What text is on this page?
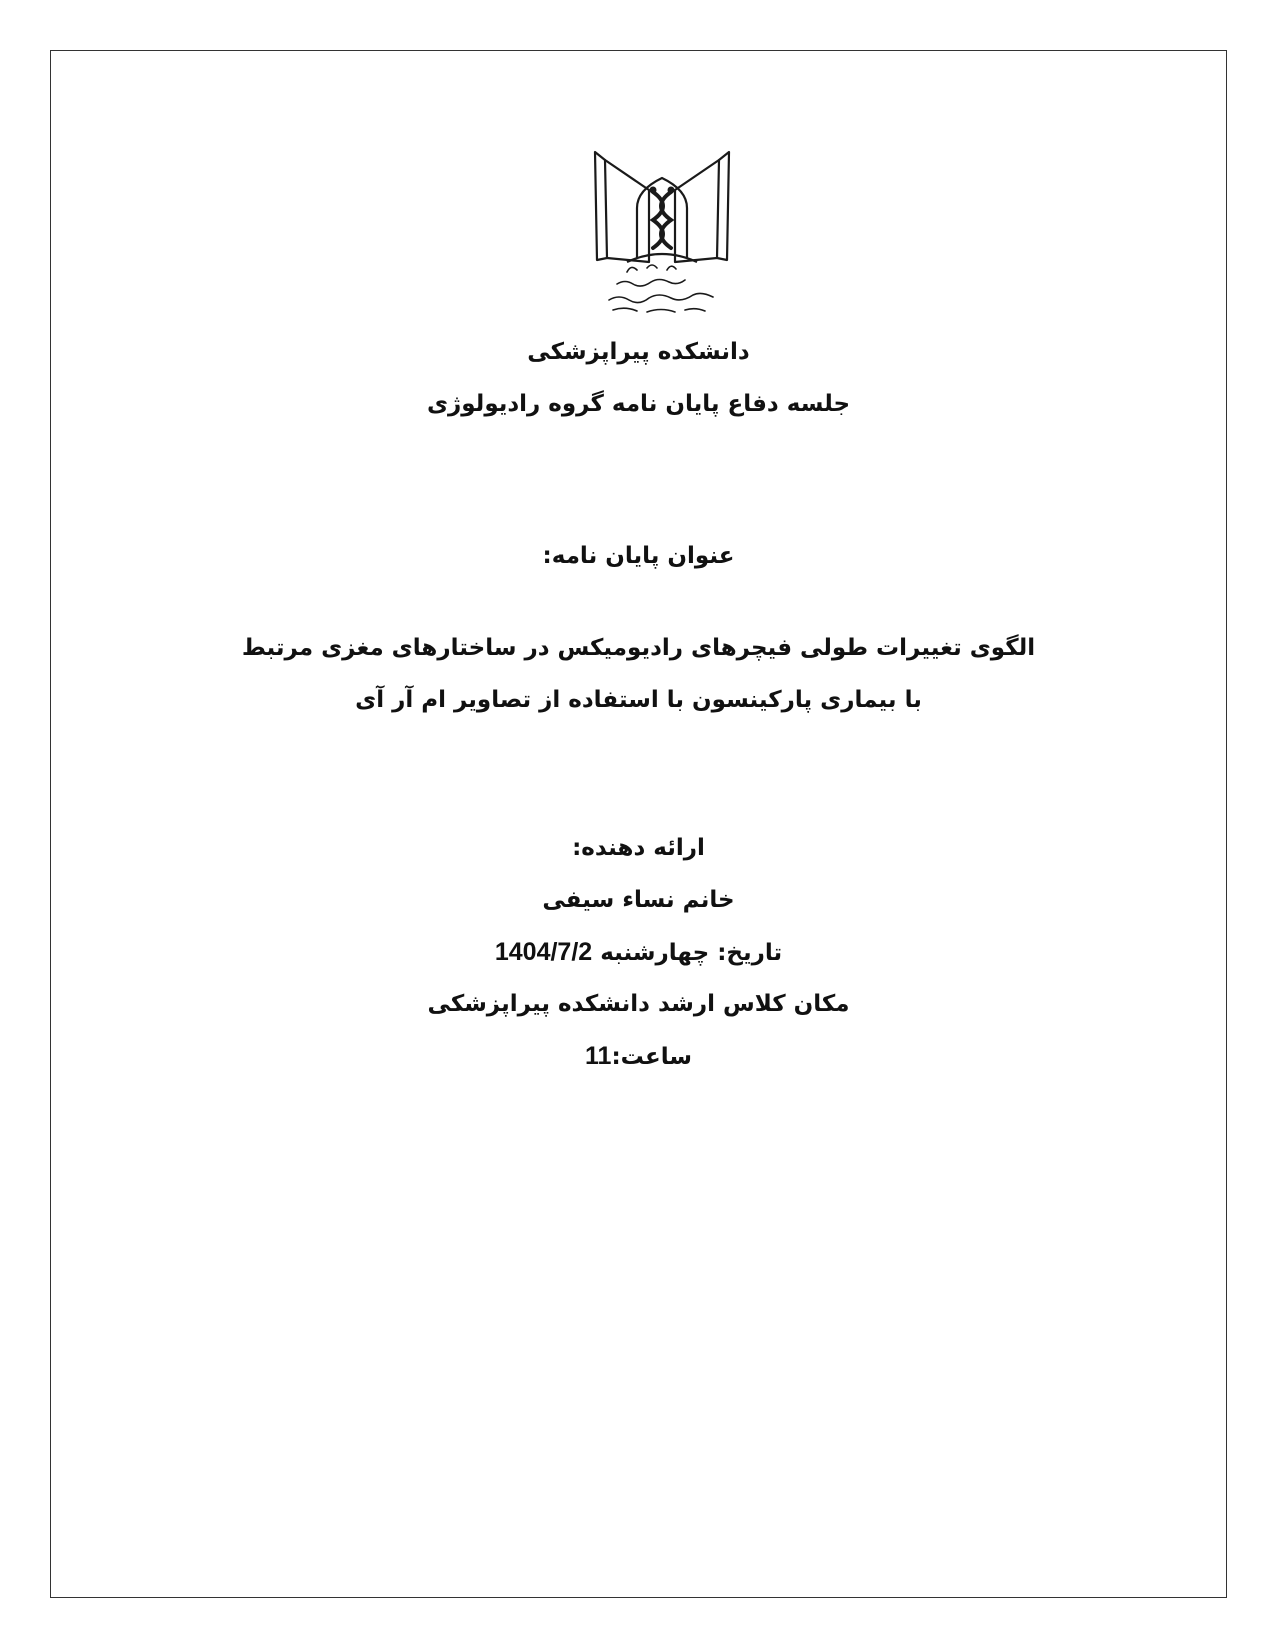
دانشکده پیراپزشکی
جلسه دفاع پایان نامه گروه رادیولوژی
عنوان پایان نامه:
الگوی تغییرات طولی فیچرهای رادیومیکس در ساختارهای مغزی مرتبط
با بیماری پارکینسون با استفاده از تصاویر ام آر آی
ارائه دهنده:
خانم نساء سیفی
تاریخ: چهارشنبه 1404/7/2
مکان کلاس ارشد دانشکده پیراپزشکی
ساعت:11
